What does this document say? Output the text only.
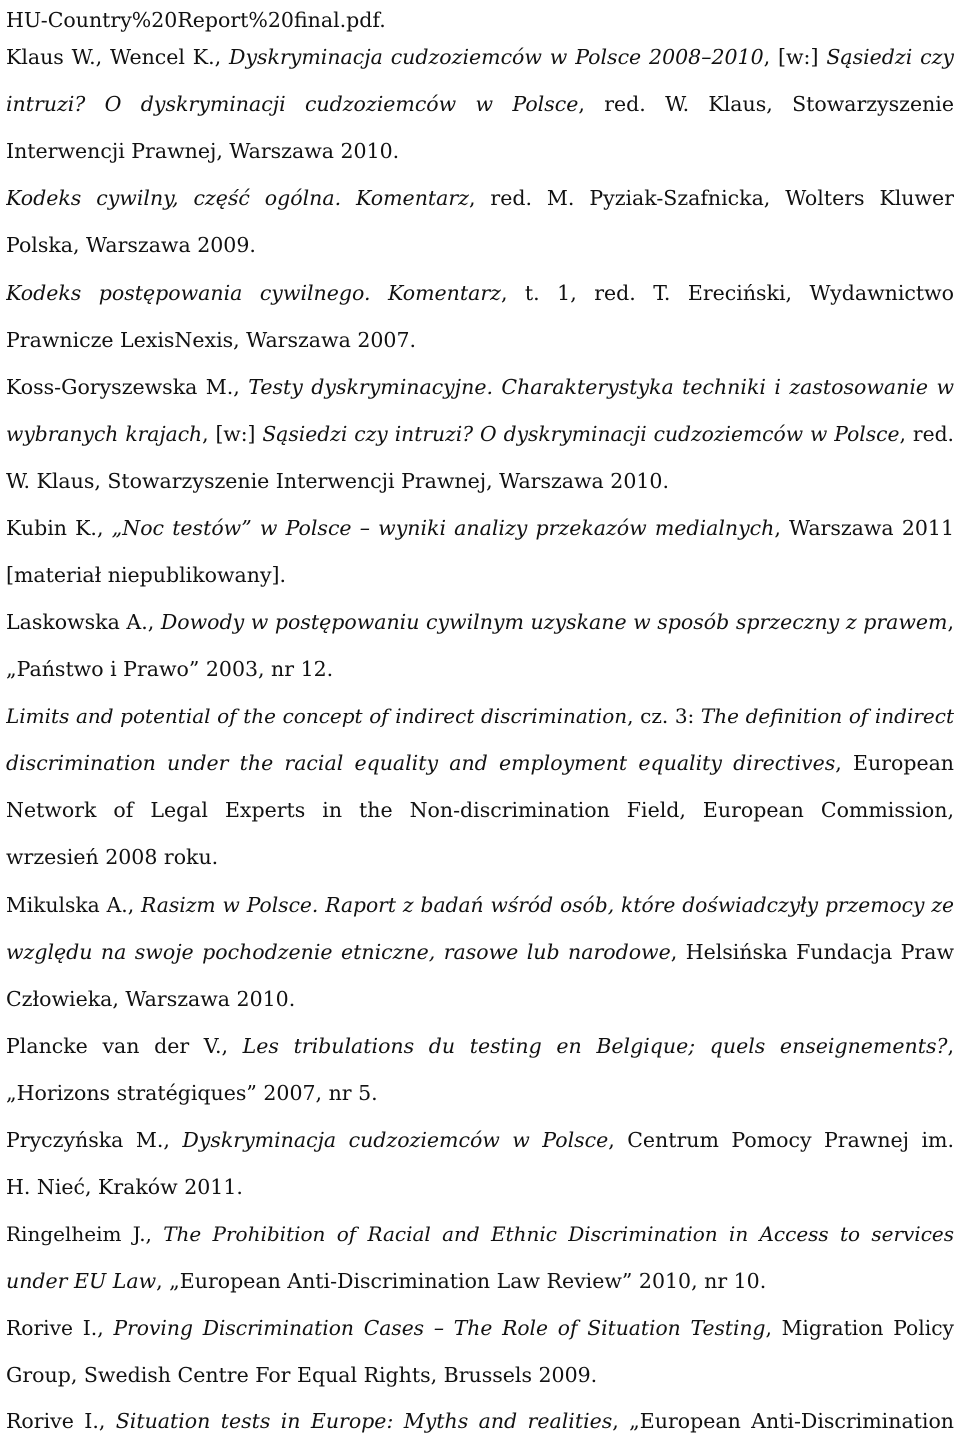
HU-Country%20Report%20final.pdf.
Klaus W., Wencel K., Dyskryminacja cudzoziemców w Polsce 2008–2010, [w:] Sąsiedzi czy
intruzi? O dyskryminacji cudzoziemców w Polsce, red. W. Klaus, Stowarzyszenie
Interwencji Prawnej, Warszawa 2010.
Kodeks cywilny, część ogólna. Komentarz, red. M. Pyziak-Szafnicka, Wolters Kluwer
Polska, Warszawa 2009.
Kodeks postępowania cywilnego. Komentarz, t. 1, red. T. Ereciński, Wydawnictwo
Prawnicze LexisNexis, Warszawa 2007.
Koss-Goryszewska M., Testy dyskryminacyjne. Charakterystyka techniki i zastosowanie w
wybranych krajach, [w:] Sąsiedzi czy intruzi? O dyskryminacji cudzoziemców w Polsce, red.
W. Klaus, Stowarzyszenie Interwencji Prawnej, Warszawa 2010.
Kubin K., „Noc testów” w Polsce – wyniki analizy przekazów medialnych, Warszawa 2011
[materiał niepublikowany].
Laskowska A., Dowody w postępowaniu cywilnym uzyskane w sposób sprzeczny z prawem,
„Państwo i Prawo” 2003, nr 12.
Limits and potential of the concept of indirect discrimination, cz. 3: The definition of indirect
discrimination under the racial equality and employment equality directives, European
Network of Legal Experts in the Non-discrimination Field, European Commission,
wrzesień 2008 roku.
Mikulska A., Rasizm w Polsce. Raport z badań wśród osób, które doświadczyły przemocy ze
względu na swoje pochodzenie etniczne, rasowe lub narodowe, Helsińska Fundacja Praw
Człowieka, Warszawa 2010.
Plancke van der V., Les tribulations du testing en Belgique; quels enseignements?,
„Horizons stratégiques” 2007, nr 5.
Pryczyńska M., Dyskryminacja cudzoziemców w Polsce, Centrum Pomocy Prawnej im.
H. Nieć, Kraków 2011.
Ringelheim J., The Prohibition of Racial and Ethnic Discrimination in Access to services
under EU Law, „European Anti-Discrimination Law Review” 2010, nr 10.
Rorive I., Proving Discrimination Cases – The Role of Situation Testing, Migration Policy
Group, Swedish Centre For Equal Rights, Brussels 2009.
Rorive I., Situation tests in Europe: Myths and realities, „European Anti-Discrimination
